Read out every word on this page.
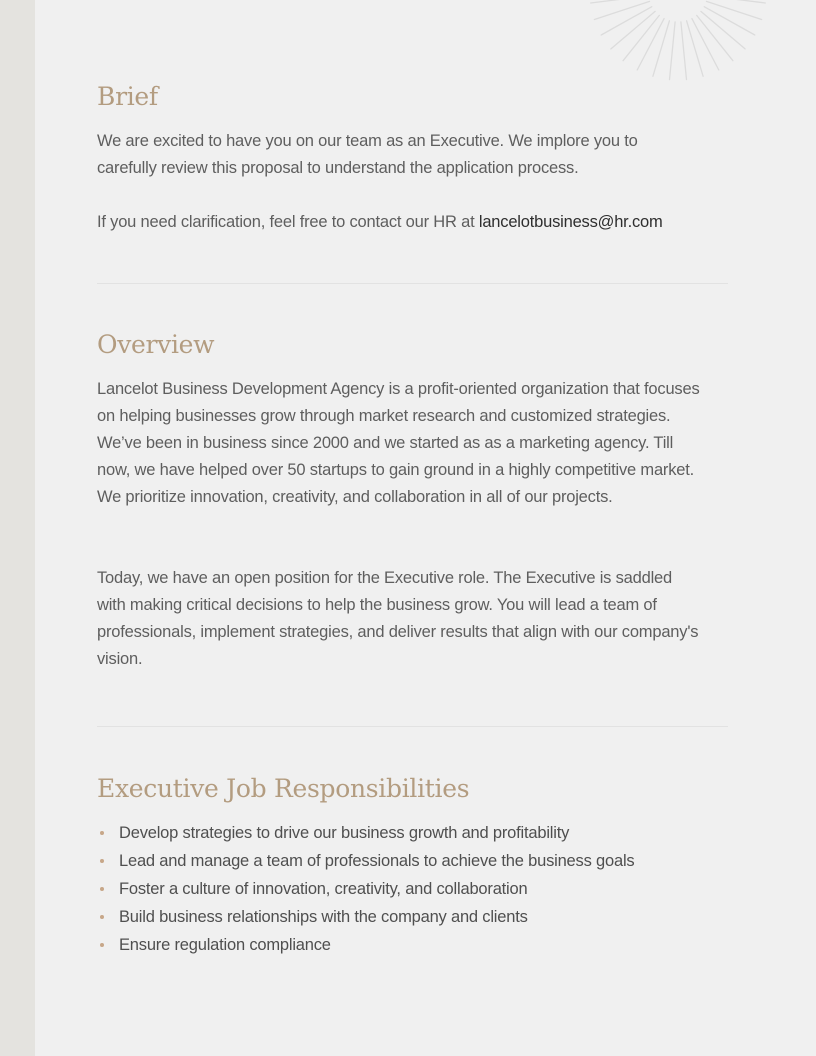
Brief

We are excited to have you on our team as an Executive. We implore you to carefully review this proposal to understand the application process.

If you need clarification, feel free to contact our HR at lancelotbusiness@hr.com

Overview

Lancelot Business Development Agency is a profit-oriented organization that focuses on helping businesses grow through market research and customized strategies. We’ve been in business since 2000 and we started as as a marketing agency. Till now, we have helped over 50 startups to gain ground in a highly competitive market. We prioritize innovation, creativity, and collaboration in all of our projects.

Today, we have an open position for the Executive role. The Executive is saddled with making critical decisions to help the business grow. You will lead a team of professionals, implement strategies, and deliver results that align with our company's vision.

Executive Job Responsibilities
Develop strategies to drive our business growth and profitability
Lead and manage a team of professionals to achieve the business goals
Foster a culture of innovation, creativity, and collaboration
Build business relationships with the company and clients
Ensure regulation compliance
